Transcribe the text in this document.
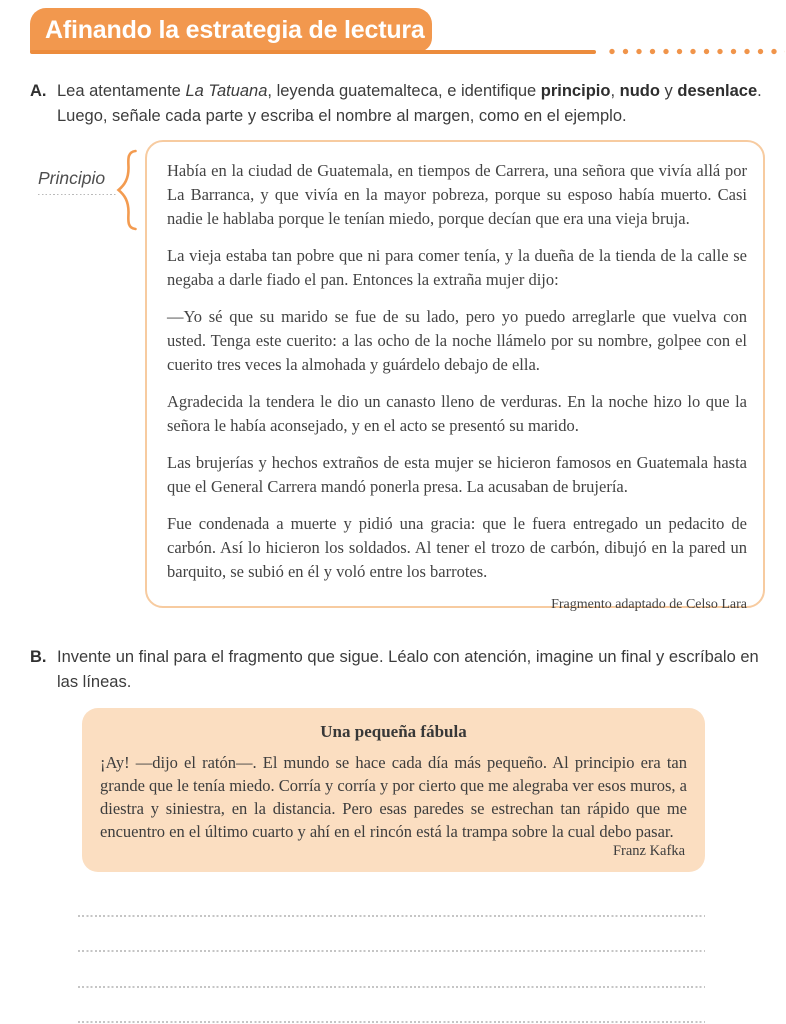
Afinando la estrategia de lectura
A. Lea atentamente La Tatuana, leyenda guatemalteca, e identifique principio, nudo y desenlace. Luego, señale cada parte y escriba el nombre al margen, como en el ejemplo.

Principio	Había en la ciudad de Guatemala, en tiempos de Carrera, una señora que vivía allá por La Barranca, y que vivía en la mayor pobreza, porque su esposo había muerto. Casi nadie le hablaba porque le tenían miedo, porque decían que era una vieja bruja.

La vieja estaba tan pobre que ni para comer tenía, y la dueña de la tienda de la calle se negaba a darle fiado el pan. Entonces la extraña mujer dijo:

—Yo sé que su marido se fue de su lado, pero yo puedo arreglarle que vuelva con usted. Tenga este cuerito: a las ocho de la noche llámelo por su nombre, golpee con el cuerito tres veces la almohada y guárdelo debajo de ella.

Agradecida la tendera le dio un canasto lleno de verduras. En la noche hizo lo que la señora le había aconsejado, y en el acto se presentó su marido.

Las brujerías y hechos extraños de esta mujer se hicieron famosos en Guatemala hasta que el General Carrera mandó ponerla presa. La acusaban de brujería.

Fue condenada a muerte y pidió una gracia: que le fuera entregado un pedacito de carbón. Así lo hicieron los soldados. Al tener el trozo de carbón, dibujó en la pared un barquito, se subió en él y voló entre los barrotes.

Fragmento adaptado de Celso Lara

B. Invente un final para el fragmento que sigue. Léalo con atención, imagine un final y escríbalo en las líneas.

Una pequeña fábula

¡Ay! —dijo el ratón—. El mundo se hace cada día más pequeño. Al principio era tan grande que le tenía miedo. Corría y corría y por cierto que me alegraba ver esos muros, a diestra y siniestra, en la distancia. Pero esas paredes se estrechan tan rápido que me encuentro en el último cuarto y ahí en el rincón está la trampa sobre la cual debo pasar.

Franz Kafka
